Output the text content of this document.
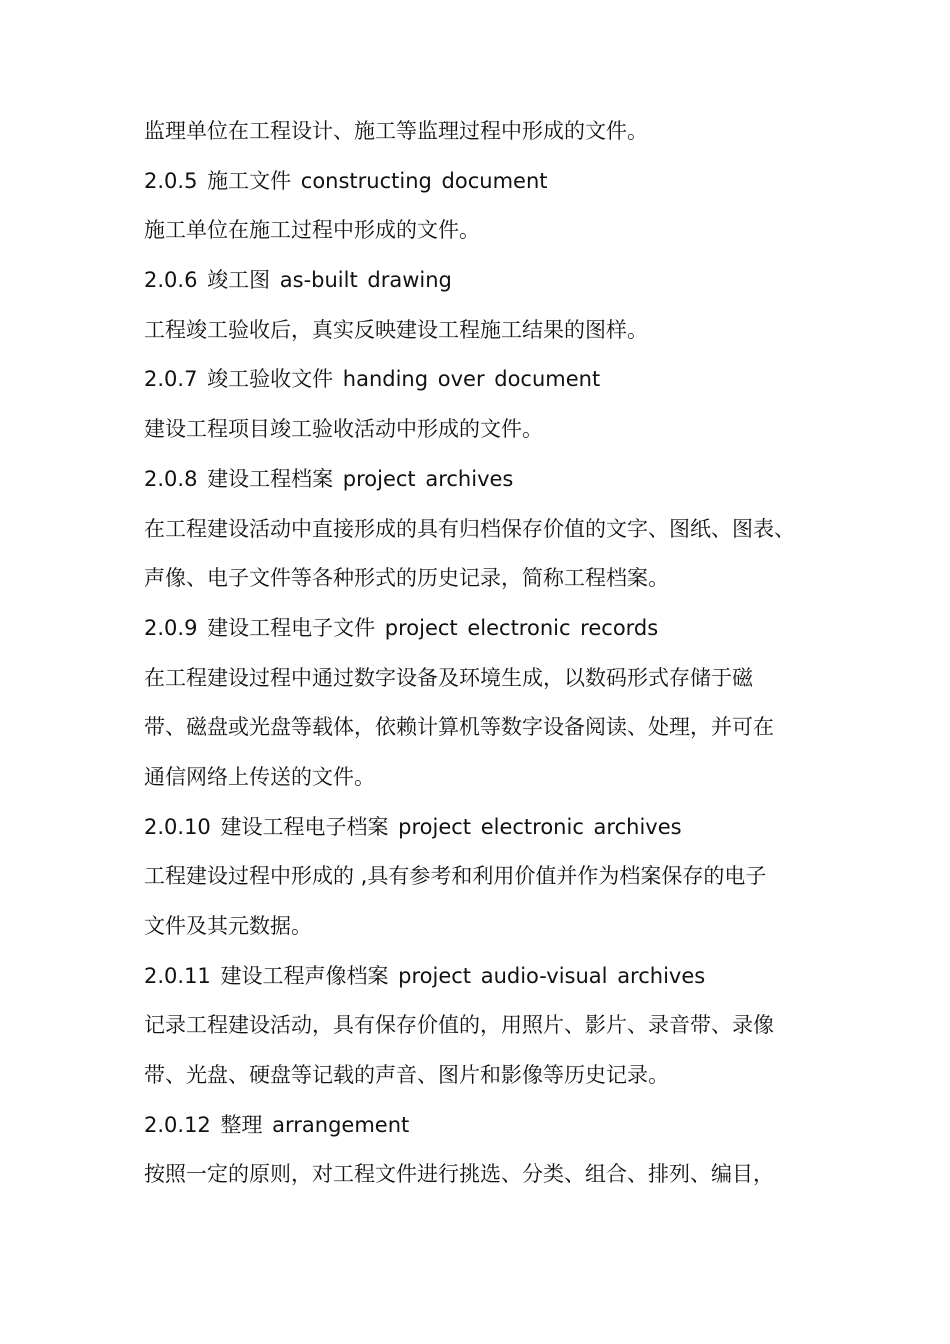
监理单位在工程设计、施工等监理过程中形成的文件。
2.0.5 施工文件 constructing document
施工单位在施工过程中形成的文件。
2.0.6 竣工图 as-built drawing
工程竣工验收后，真实反映建设工程施工结果的图样。
2.0.7 竣工验收文件 handing over document
建设工程项目竣工验收活动中形成的文件。
2.0.8 建设工程档案 project archives
在工程建设活动中直接形成的具有归档保存价值的文字、图纸、图表、
声像、电子文件等各种形式的历史记录，简称工程档案。
2.0.9 建设工程电子文件 project electronic records
在工程建设过程中通过数字设备及环境生成，以数码形式存储于磁
带、磁盘或光盘等载体，依赖计算机等数字设备阅读、处理，并可在
通信网络上传送的文件。
2.0.10 建设工程电子档案 project electronic archives
工程建设过程中形成的 ,具有参考和利用价值并作为档案保存的电子
文件及其元数据。
2.0.11 建设工程声像档案 project audio-visual archives
记录工程建设活动，具有保存价值的，用照片、影片、录音带、录像
带、光盘、硬盘等记载的声音、图片和影像等历史记录。
2.0.12 整理 arrangement
按照一定的原则，对工程文件进行挑选、分类、组合、排列、编目，
